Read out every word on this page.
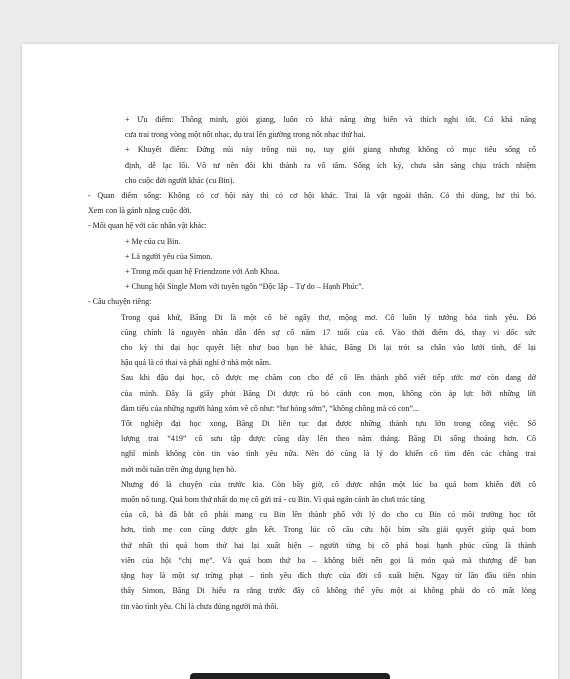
+ Ưu điểm: Thông minh, giỏi giang, luôn có khả năng ứng biến và thích nghi tốt. Có khả năng
cưa trai trong vòng một nốt nhạc, dụ trai lên giường trong nốt nhạc thứ hai.
+ Khuyết điểm: Đứng núi này trông núi nọ, tuy giỏi giang nhưng không có mục tiêu sống cố
định, dễ lạc lối. Vô tư nên đôi khi thành ra vô tâm. Sống ích kỷ, chưa sẵn sàng chịu trách nhiệm
cho cuộc đời người khác (cu Bin).
- Quan điểm sống: Không có cơ hội này thì có cơ hội khác. Trai là vật ngoài thân. Có thì dùng, hư thì bỏ.
Xem con là gánh nặng cuộc đời.
- Mối quan hệ với các nhân vật khác:
+ Mẹ của cu Bin.
+ Là người yêu của Simon.
+ Trong mối quan hệ Friendzone với Anh Khoa.
+ Chung hội Single Mom với tuyên ngôn “Độc lập – Tự do – Hạnh Phúc”.
- Câu chuyện riêng:
Trong quá khứ, Băng Di là một cô bé ngây thơ, mộng mơ. Cô luôn lý tưởng hóa tình yêu. Đó
cũng chính là nguyên nhân dẫn đến sự cố năm 17 tuổi của cô. Vào thời điểm đó, thay vì dốc sức
cho kỳ thi đại học quyết liệt như bao bạn bè khác, Băng Di lại trót sa chân vào lưới tình, để lại
hậu quả là có thai và phải nghỉ ở nhà một năm.
Sau khi đậu đại học, cô được mẹ chăm con cho để cô lên thành phố viết tiếp ước mơ còn dang dở
của mình. Đây là giây phút Băng Di được rũ bỏ cánh con mọn, không còn áp lực bởi những lời
đàm tiếu của những người hàng xóm về cô như: “hư hỏng sớm”, “không chồng mà có con”...
Tốt nghiệp đại học xong, Băng Di liên tục đạt được những thành tựu lớn trong công việc. Số
lượng trai “419” cô sưu tập được cũng dày lên theo năm tháng. Băng Di sống thoáng hơn. Cô
nghĩ mình không còn tin vào tình yêu nữa. Nên đó cũng là lý do khiến cô tìm đến các chàng trai
mới mỗi tuần trên ứng dụng hẹn hò.
Nhưng đó là chuyện của trước kia. Còn bây giờ, cô được nhận một lúc ba quả bom khiến đời cô
muốn nổ tung. Quả bom thứ nhất do mẹ cô gửi trả - cu Bin. Vì quá ngán cảnh ăn chơi trác táng
của cô, bà đã bắt cô phải mang cu Bin lên thành phố với lý do cho cu Bin có môi trường học tốt
hơn, tình mẹ con cũng được gắn kết. Trong lúc cô cầu cứu hội bỉm sữa giải quyết giúp quả bom
thứ nhất thì quả bom thứ hai lại xuất hiện – người từng bị cô phá hoại hạnh phúc cũng là thành
viên của hội “chị mẹ”. Và quả bom thứ ba – không biết nên gọi là món quà mà thượng đế ban
tặng hay là một sự trừng phạt – tình yêu đích thực của đời cô xuất hiện. Ngay từ lần đầu tiên nhìn
thấy Simon, Băng Di hiểu ra rằng trước đây cô không thể yêu một ai không phải do cô mất lòng
tin vào tình yêu. Chỉ là chưa đúng người mà thôi.
